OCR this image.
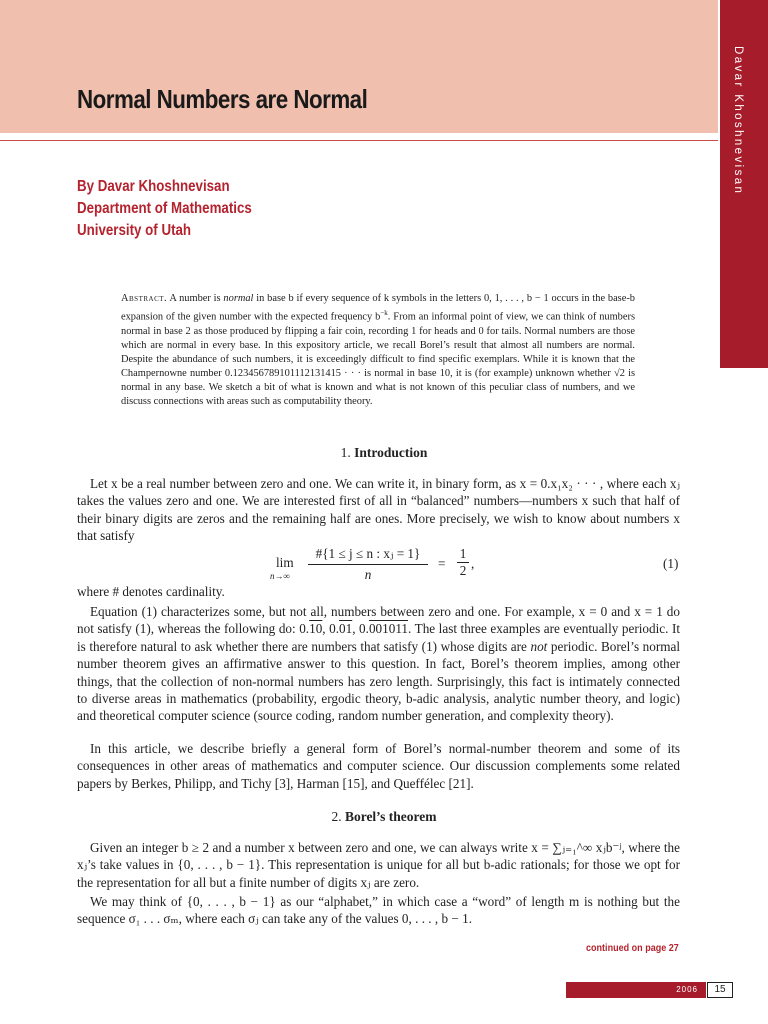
Davar Khoshnevisan
Normal Numbers are Normal
By Davar Khoshnevisan
Department of Mathematics
University of Utah
Abstract. A number is normal in base b if every sequence of k symbols in the letters 0, 1, . . . , b − 1 occurs in the base-b expansion of the given number with the expected frequency $b^{-k}$. From an informal point of view, we can think of numbers normal in base 2 as those produced by flipping a fair coin, recording 1 for heads and 0 for tails. Normal numbers are those which are normal in every base. In this expository article, we recall Borel’s result that almost all numbers are normal. Despite the abundance of such numbers, it is exceedingly difficult to find specific exemplars. While it is known that the Champernowne number 0.123456789101112131415 · · · is normal in base 10, it is (for example) unknown whether √2 is normal in any base. We sketch a bit of what is known and what is not known of this peculiar class of numbers, and we discuss connections with areas such as computability theory.
1. Introduction

Let x be a real number between zero and one. We can write it, in binary form, as x = 0.x₁x₂ · · · , where each xⱼ takes the values zero and one. We are interested first of all in “balanced” numbers—numbers x such that half of their binary digits are zeros and the remaining half are ones. More precisely, we wish to know about numbers x that satisfy

lim
$n\to\infty \frac{\text{\#\{1 ≤ j ≤ n : xⱼ = 1\}}}{n} = \frac{1}{2}$ ,	(1)
where # denotes cardinality.

Equation (1) characterizes some, but not all, numbers between zero and one. For example, x = 0 and x = 1 do not satisfy (1), whereas the following do: 0.10, 0.01, 0.001011. The last three examples are eventually periodic. It is therefore natural to ask whether there are numbers that satisfy (1) whose digits are not periodic. Borel’s normal number theorem gives an affirmative answer to this question. In fact, Borel’s theorem implies, among other things, that the collection of non-normal numbers has zero length. Surprisingly, this fact is intimately connected to diverse areas in mathematics (probability, ergodic theory, b-adic analysis, analytic number theory, and logic) and theoretical computer science (source coding, random number generation, and complexity theory).

In this article, we describe briefly a general form of Borel’s normal-number theorem and some of its consequences in other areas of mathematics and computer science. Our discussion complements some related papers by Berkes, Philipp, and Tichy [3], Harman [15], and Queffélec [21].

2. Borel’s theorem

Given an integer b ≥ 2 and a number x between zero and one, we can always write x = ∑ⱼ₌₁^∞ xⱼb⁻ʲ, where the xⱼ’s take values in {0, . . . , b − 1}. This representation is unique for all but b-adic rationals; for those we opt for the representation for all but a finite number of digits xⱼ are zero.

We may think of {0, . . . , b − 1} as our “alphabet,” in which case a “word” of length m is nothing but the sequence σ₁ . . . σₘ, where each σⱼ can take any of the values 0, . . . , b − 1.

continued on page 27
2006	15
